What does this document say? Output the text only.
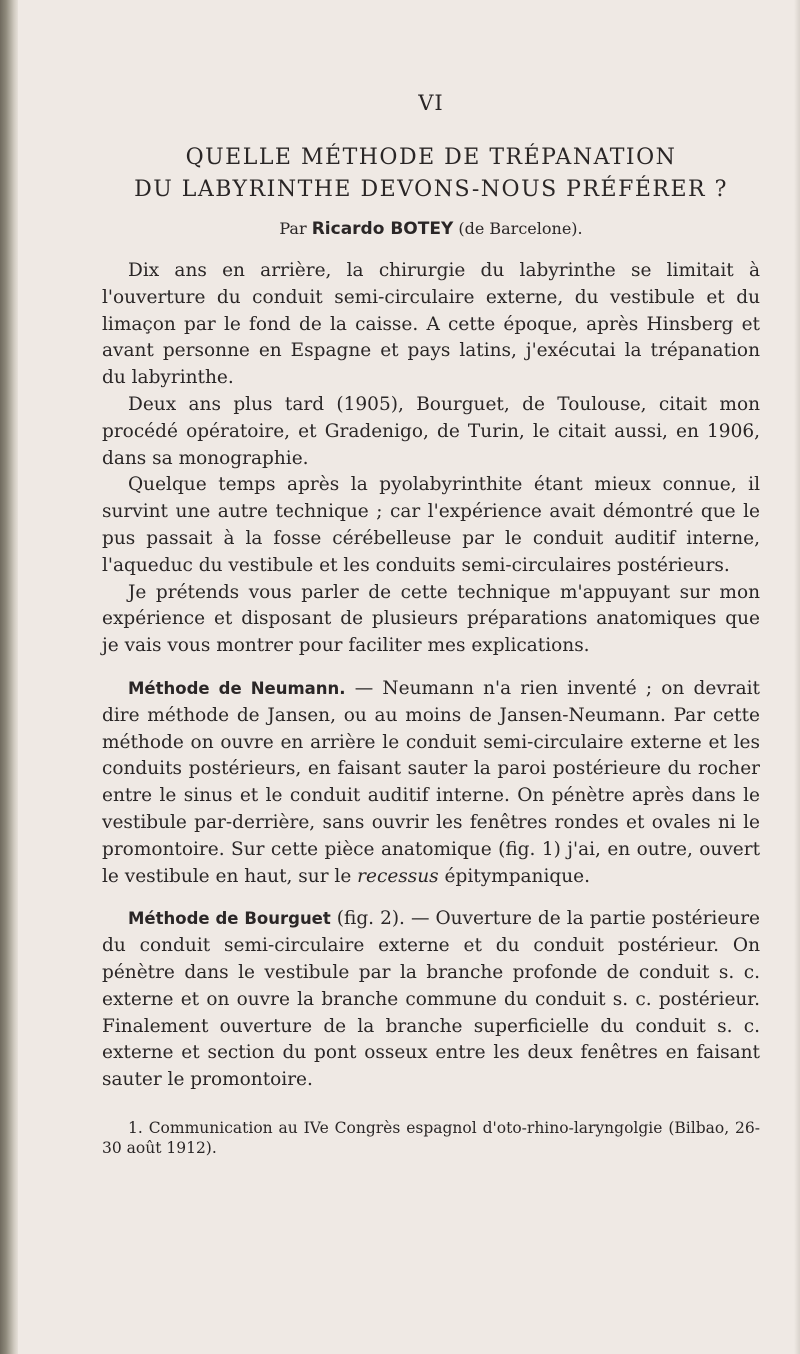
VI
QUELLE MÉTHODE DE TRÉPANATION
DU LABYRINTHE DEVONS-NOUS PRÉFÉRER ?
Par Ricardo BOTEY (de Barcelone).

Dix ans en arrière, la chirurgie du labyrinthe se limitait à l'ouverture du conduit semi-circulaire externe, du vestibule et du limaçon par le fond de la caisse. A cette époque, après Hinsberg et avant personne en Espagne et pays latins, j'exécutai la trépanation du labyrinthe.

Deux ans plus tard (1905), Bourguet, de Toulouse, citait mon procédé opératoire, et Gradenigo, de Turin, le citait aussi, en 1906, dans sa monographie.

Quelque temps après la pyolabyrinthite étant mieux connue, il survint une autre technique ; car l'expérience avait démontré que le pus passait à la fosse cérébelleuse par le conduit auditif interne, l'aqueduc du vestibule et les conduits semi-circulaires postérieurs.

Je prétends vous parler de cette technique m'appuyant sur mon expérience et disposant de plusieurs préparations anatomiques que je vais vous montrer pour faciliter mes explications.

Méthode de Neumann. — Neumann n'a rien inventé ; on devrait dire méthode de Jansen, ou au moins de Jansen-Neumann. Par cette méthode on ouvre en arrière le conduit semi-circulaire externe et les conduits postérieurs, en faisant sauter la paroi postérieure du rocher entre le sinus et le conduit auditif interne. On pénètre après dans le vestibule par-derrière, sans ouvrir les fenêtres rondes et ovales ni le promontoire. Sur cette pièce anatomique (fig. 1) j'ai, en outre, ouvert le vestibule en haut, sur le recessus épitympanique.

Méthode de Bourguet (fig. 2). — Ouverture de la partie postérieure du conduit semi-circulaire externe et du conduit postérieur. On pénètre dans le vestibule par la branche profonde de conduit s. c. externe et on ouvre la branche commune du conduit s. c. postérieur. Finalement ouverture de la branche superficielle du conduit s. c. externe et section du pont osseux entre les deux fenêtres en faisant sauter le promontoire.

1. Communication au IVe Congrès espagnol d'oto-rhino-laryngolgie (Bilbao, 26-30 août 1912).
